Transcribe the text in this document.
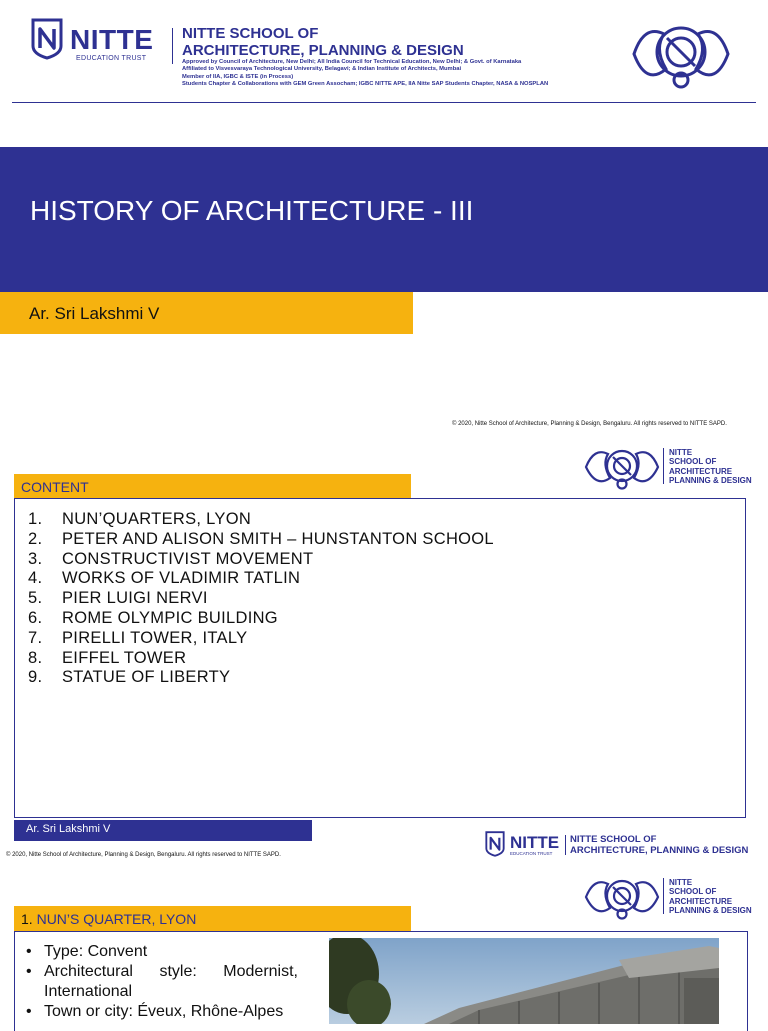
NITTE
EDUCATION TRUST
NITTE SCHOOL OF
ARCHITECTURE, PLANNING & DESIGN
Approved by Council of Architecture, New Delhi; All India Council for Technical Education, New Delhi; & Govt. of Karnataka
Affiliated to Visvesvaraya Technological University, Belagavi; & Indian Institute of Architects, Mumbai
Member of IIA, IGBC & ISTE (in Process)
Students Chapter & Collaborations with GEM Green Assocham; IGBC NITTE APE, IIA Nitte SAP Students Chapter, NASA & NOSPLAN
HISTORY OF ARCHITECTURE - III
Ar. Sri Lakshmi V
© 2020, Nitte School of Architecture, Planning & Design, Bengaluru. All rights reserved to NITTE SAPD.
NITTE
SCHOOL OF
ARCHITECTURE
PLANNING & DESIGN
CONTENT
1. NUN’QUARTERS, LYON
2. PETER AND ALISON SMITH – HUNSTANTON SCHOOL
3. CONSTRUCTIVIST MOVEMENT
4. WORKS OF VLADIMIR TATLIN
5. PIER LUIGI NERVI
6. ROME OLYMPIC BUILDING
7. PIRELLI TOWER, ITALY
8. EIFFEL TOWER
9. STATUE OF LIBERTY
Ar. Sri Lakshmi V
© 2020, Nitte School of Architecture, Planning & Design, Bengaluru. All rights reserved to NITTE SAPD.
NITTE
EDUCATION TRUST
NITTE SCHOOL OF
ARCHITECTURE, PLANNING & DESIGN
NITTE
SCHOOL OF
ARCHITECTURE
PLANNING & DESIGN
1. NUN’S QUARTER, LYON
• Type: Convent
• Architectural style: Modernist, International
• Town or city: Éveux, Rhône-Alpes
